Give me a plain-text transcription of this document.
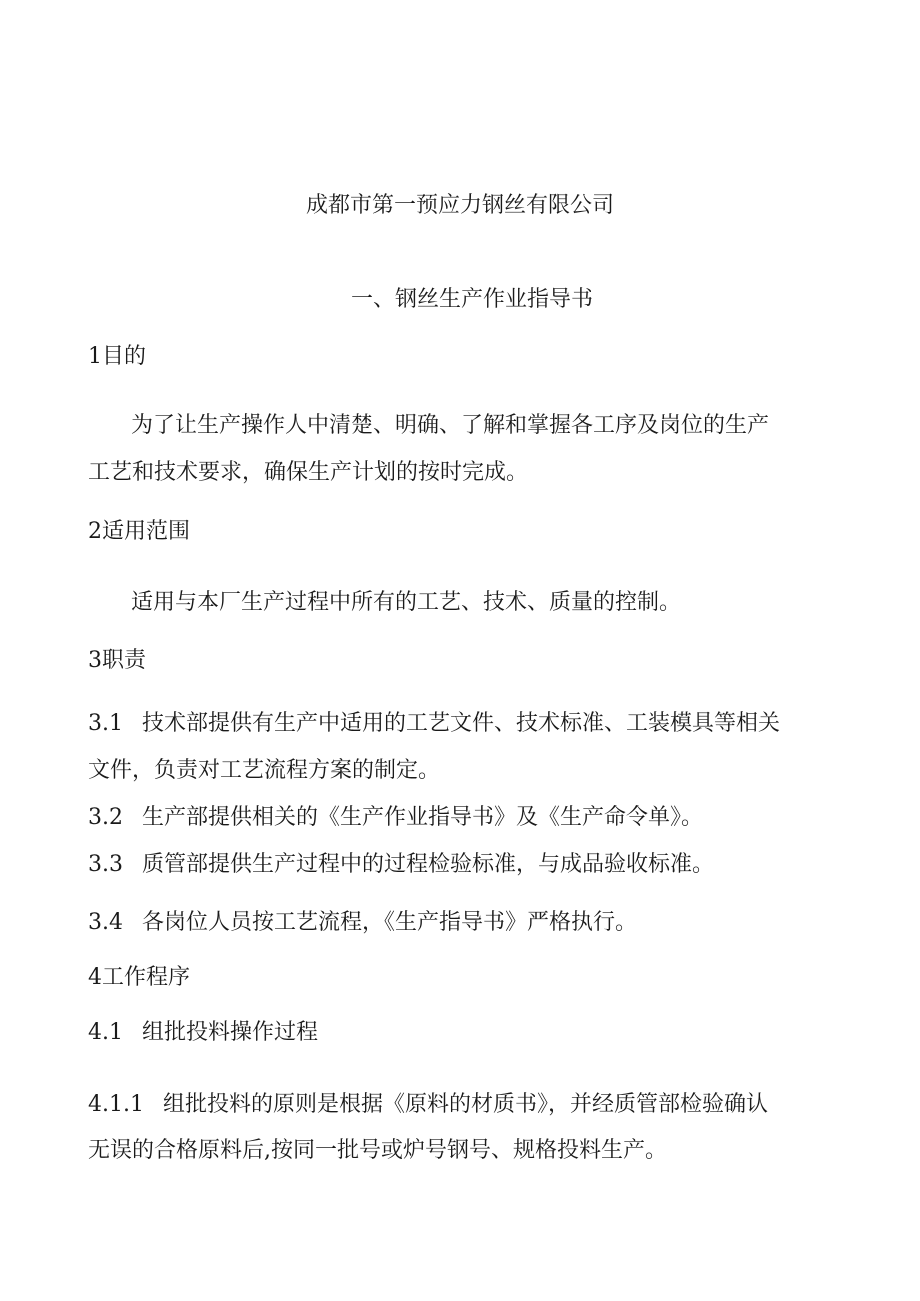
成都市第一预应力钢丝有限公司
一、钢丝生产作业指导书
1目的
为了让生产操作人中清楚、明确、了解和掌握各工序及岗位的生产
工艺和技术要求，确保生产计划的按时完成。
2适用范围
适用与本厂生产过程中所有的工艺、技术、质量的控制。
3职责
3.1 技术部提供有生产中适用的工艺文件、技术标准、工装模具等相关
文件，负责对工艺流程方案的制定。
3.2 生产部提供相关的《生产作业指导书》及《生产命令单》。
3.3 质管部提供生产过程中的过程检验标准，与成品验收标准。
3.4 各岗位人员按工艺流程，《生产指导书》严格执行。
4工作程序
4.1 组批投料操作过程
4.1.1 组批投料的原则是根据《原料的材质书》，并经质管部检验确认
无误的合格原料后,按同一批号或炉号钢号、规格投料生产。
